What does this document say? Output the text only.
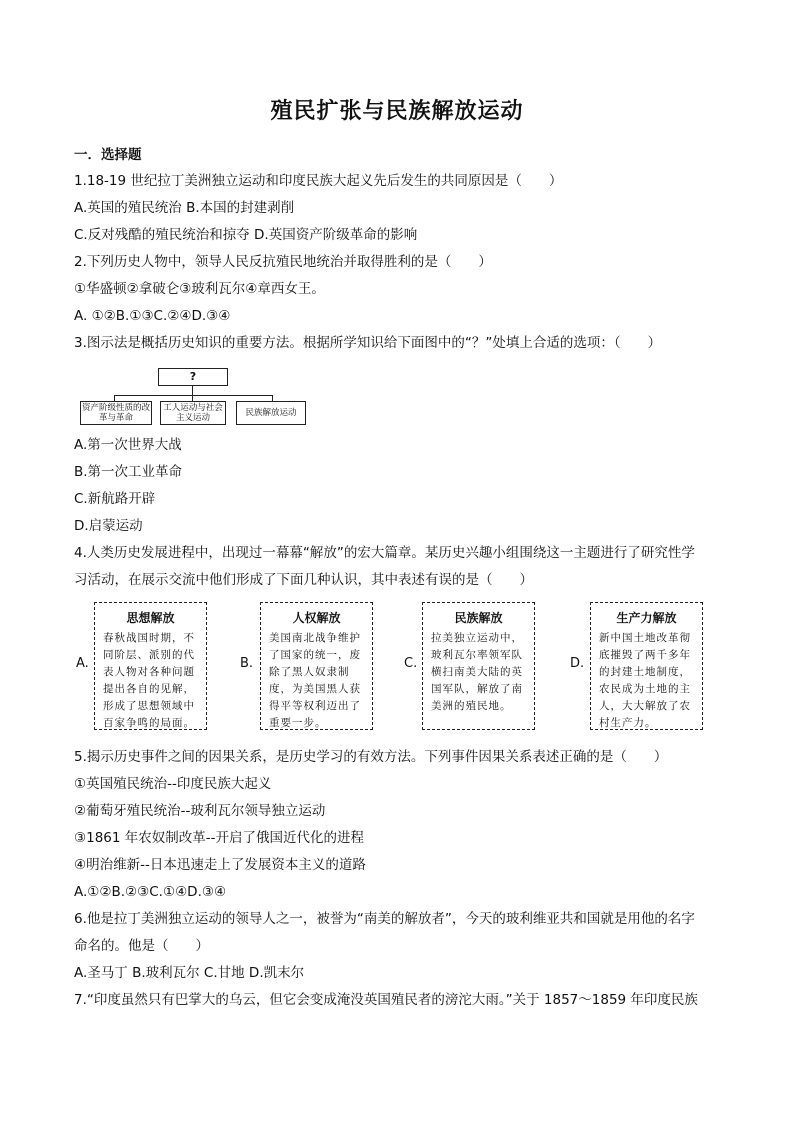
殖民扩张与民族解放运动
一．选择题
1.18-19 世纪拉丁美洲独立运动和印度民族大起义先后发生的共同原因是（　　）
A.英国的殖民统治 B.本国的封建剥削
C.反对残酷的殖民统治和掠夺 D.英国资产阶级革命的影响
2.下列历史人物中，领导人民反抗殖民地统治并取得胜利的是（　　）
①华盛顿②拿破仑③玻利瓦尔④章西女王。
A. ①②B.①③C.②④D.③④
3.图示法是概括历史知识的重要方法。根据所学知识给下面图中的“？”处填上合适的选项：（　　）
?
资产阶级性质的改革与革命
工人运动与社会主义运动	民族解放运动
A.第一次世界大战
B.第一次工业革命
C.新航路开辟
D.启蒙运动
4.人类历史发展进程中，出现过一幕幕“解放”的宏大篇章。某历史兴趣小组围绕这一主题进行了研究性学
习活动，在展示交流中他们形成了下面几种认识，其中表述有误的是（　　）
A.
思想解放
春秋战国时期，不同阶层、派别的代表人物对各种问题提出各自的见解，形成了思想领域中百家争鸣的局面。
B.
人权解放
美国南北战争维护了国家的统一，废除了黑人奴隶制度，为美国黑人获得平等权利迈出了重要一步。
C.
民族解放
拉美独立运动中，玻利瓦尔率领军队横扫南美大陆的英国军队，解放了南美洲的殖民地。
D.
生产力解放
新中国土地改革彻底摧毁了两千多年的封建土地制度，农民成为土地的主人，大大解放了农村生产力。
5.揭示历史事件之间的因果关系，是历史学习的有效方法。下列事件因果关系表述正确的是（　　）
①英国殖民统治--印度民族大起义
②葡萄牙殖民统治--玻利瓦尔领导独立运动
③1861 年农奴制改革--开启了俄国近代化的进程
④明治维新--日本迅速走上了发展资本主义的道路
A.①②B.②③C.①④D.③④
6.他是拉丁美洲独立运动的领导人之一，被誉为“南美的解放者”，今天的玻利维亚共和国就是用他的名字
命名的。他是（　　）
A.圣马丁 B.玻利瓦尔 C.甘地 D.凯末尔
7.“印度虽然只有巴掌大的乌云，但它会变成淹没英国殖民者的滂沱大雨。”关于 1857～1859 年印度民族
